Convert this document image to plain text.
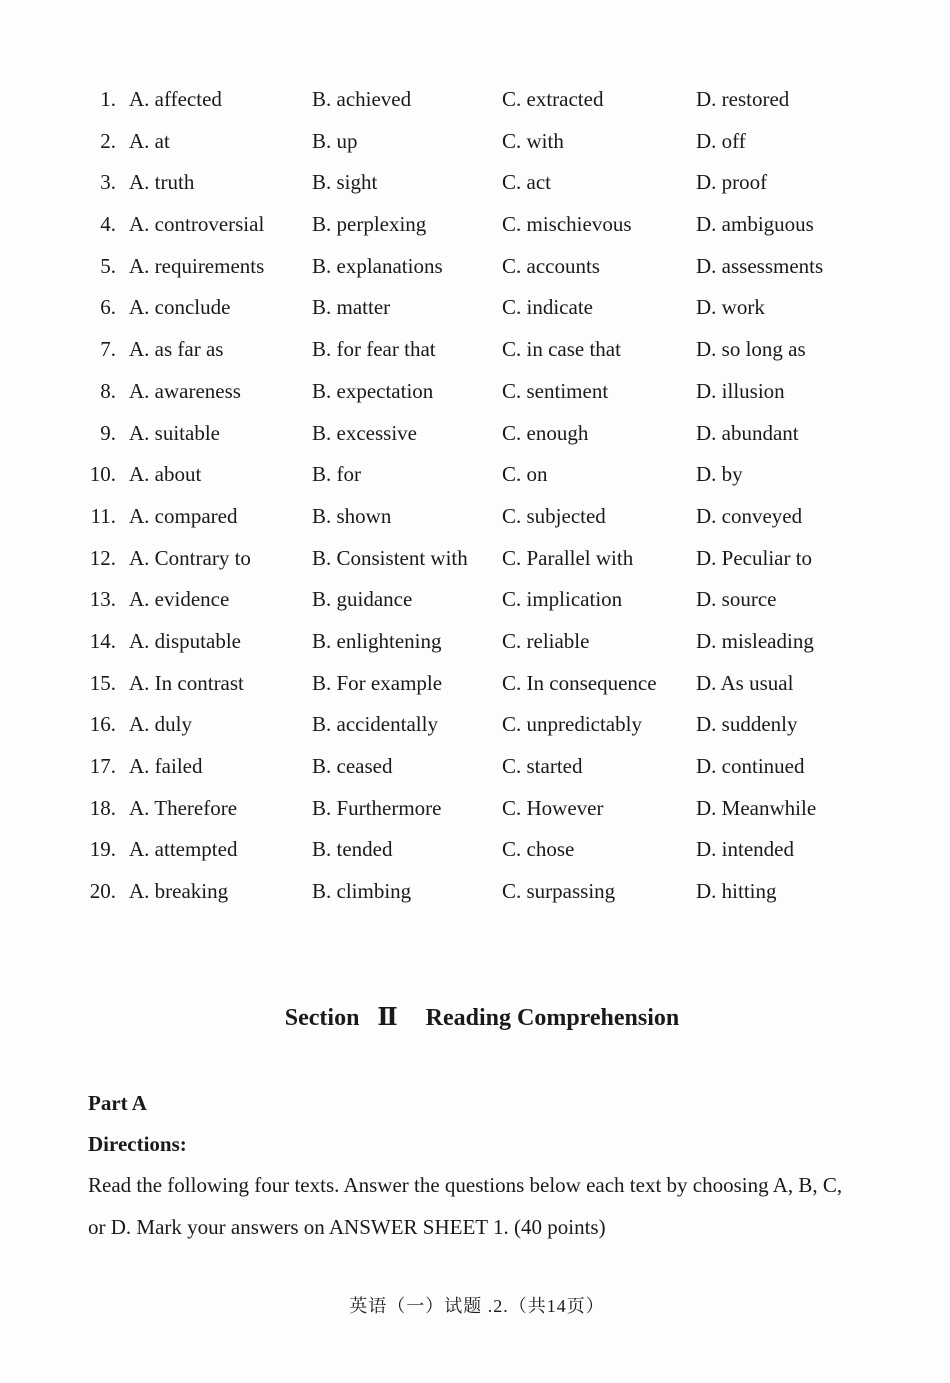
1. A. affected	B. achieved	C. extracted	D. restored
2. A. at	B. up	C. with	D. off
3. A. truth	B. sight	C. act	D. proof
4. A. controversial B. perplexing	C. mischievous	D. ambiguous
5. A. requirements B. explanations	C. accounts	D. assessments
6. A. conclude	B. matter	C. indicate	D. work
7. A. as far as	B. for fear that	C. in case that	D. so long as
8. A. awareness	B. expectation	C. sentiment	D. illusion
9. A. suitable	B. excessive	C. enough	D. abundant
10. A. about	B. for	C. on	D. by
11. A. compared	B. shown	C. subjected	D. conveyed
12. A. Contrary to	B. Consistent with C. Parallel with	D. Peculiar to
13. A. evidence	B. guidance	C. implication	D. source
14. A. disputable	B. enlightening	C. reliable	D. misleading
15. A. In contrast	B. For example	C. In consequence D. As usual
16. A. duly	B. accidentally	C. unpredictably	D. suddenly
17. A. failed	B. ceased	C. started	D. continued
18. A. Therefore	B. Furthermore	C. However	D. Meanwhile
19. A. attempted	B. tended	C. chose	D. intended
20. A. breaking	B. climbing	C. surpassing	D. hitting
Section Ⅱ Reading Comprehension
Part A
Directions:
Read the following four texts. Answer the questions below each text by choosing A, B, C, or D. Mark your answers on ANSWER SHEET 1. (40 points)
英语（一）试题 .2.（共14页）
